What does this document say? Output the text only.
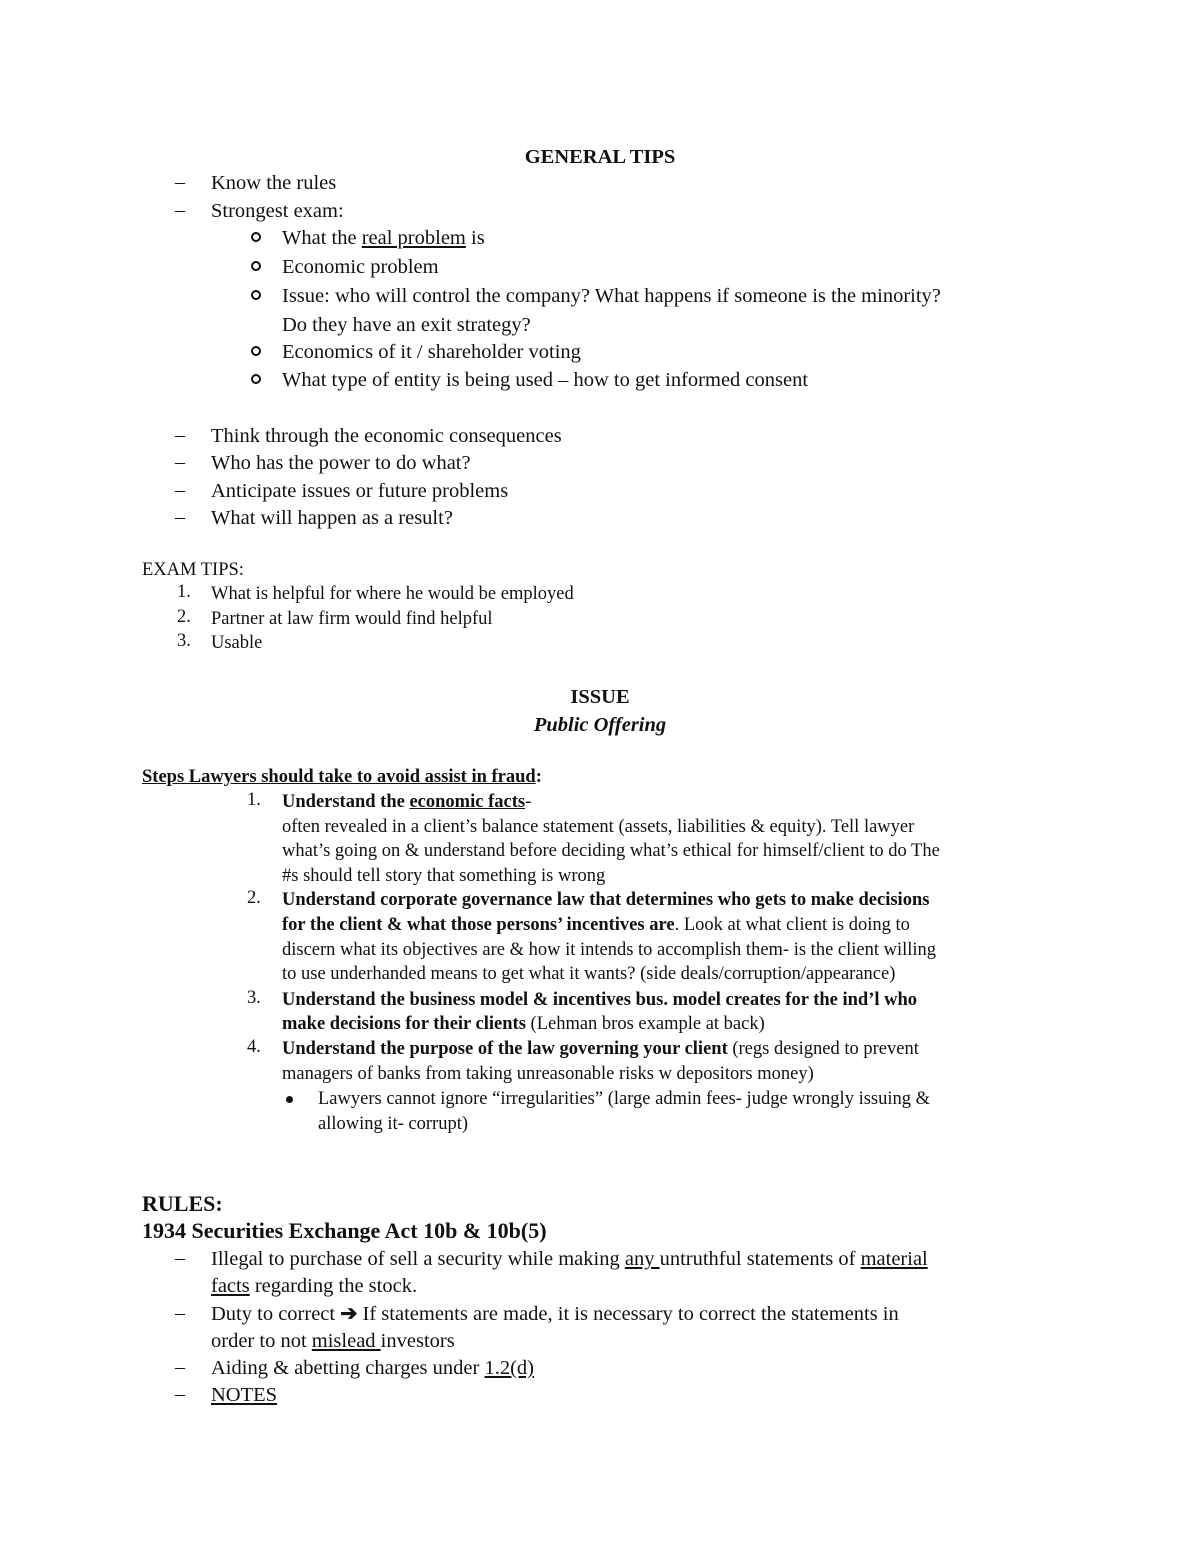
GENERAL TIPS
– Know the rules
– Strongest exam:
What the real problem is
Economic problem
Issue: who will control the company? What happens if someone is the minority?
Do they have an exit strategy?
Economics of it / shareholder voting
What type of entity is being used – how to get informed consent
– Think through the economic consequences
– Who has the power to do what?
– Anticipate issues or future problems
– What will happen as a result?
EXAM TIPS:
1. What is helpful for where he would be employed
2. Partner at law firm would find helpful
3. Usable
ISSUE
Public Offering
Steps Lawyers should take to avoid assist in fraud:
1. Understand the economic facts-
often revealed in a client’s balance statement (assets, liabilities & equity). Tell lawyer
what’s going on & understand before deciding what’s ethical for himself/client to do The
#s should tell story that something is wrong
2. Understand corporate governance law that determines who gets to make decisions
for the client & what those persons’ incentives are. Look at what client is doing to
discern what its objectives are & how it intends to accomplish them- is the client willing
to use underhanded means to get what it wants? (side deals/corruption/appearance)
3. Understand the business model & incentives bus. model creates for the ind’l who
make decisions for their clients (Lehman bros example at back)
4. Understand the purpose of the law governing your client (regs designed to prevent
managers of banks from taking unreasonable risks w depositors money)
Lawyers cannot ignore “irregularities” (large admin fees- judge wrongly issuing &
allowing it- corrupt)
RULES:
1934 Securities Exchange Act 10b & 10b(5)
– Illegal to purchase of sell a security while making any untruthful statements of material
facts regarding the stock.
– Duty to correct ➔ If statements are made, it is necessary to correct the statements in
order to not mislead investors
– Aiding & abetting charges under 1.2(d)
– NOTES
